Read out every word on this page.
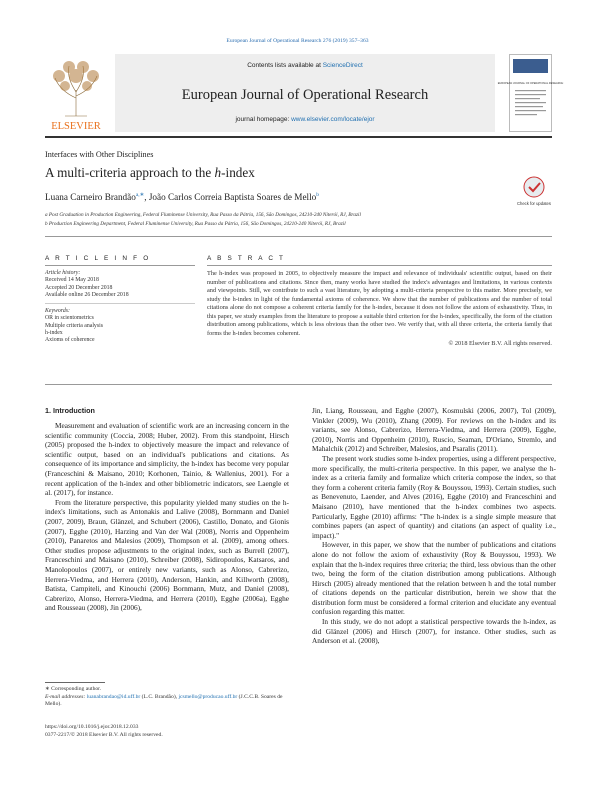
European Journal of Operational Research 276 (2019) 357–363
ELSEVIER
Contents lists available at ScienceDirect
European Journal of Operational Research
journal homepage: www.elsevier.com/locate/ejor
EUROPEAN JOURNAL OF OPERATIONAL RESEARCH
Interfaces with Other Disciplines
A multi-criteria approach to the h-index
Check for updates
Luana Carneiro Brandão$^{a,∗}$, João Carlos Correia Baptista Soares de Mello$^b$
a Post Graduation in Production Engineering, Federal Fluminense University, Rua Passo da Pátria, 156, São Domingos, 24210-240 Niterói, RJ, Brazil
b Production Engineering Department, Federal Fluminense University, Rua Passo da Pátria, 156, São Domingos, 24210-240 Niterói, RJ, Brazil
A R T I C L E I N F O	A B S T R A C T
Article history:
Received 14 May 2018
Accepted 20 December 2018
Available online 26 December 2018
Keywords:
OR in scientometrics
Multiple criteria analysis
h-index
Axioms of coherence

The h-index was proposed in 2005, to objectively measure the impact and relevance of individuals' scientific output, based on their number of publications and citations. Since then, many works have studied the index's advantages and limitations, in various contexts and viewpoints. Still, we contribute to such a vast literature, by adopting a multi-criteria perspective to this matter. More precisely, we study the h-index in light of the fundamental axioms of coherence. We show that the number of publications and the number of total citations alone do not compose a coherent criteria family for the h-index, because it does not follow the axiom of exhaustivity. Thus, in this paper, we study examples from the literature to propose a suitable third criterion for the h-index, specifically, the form of the citation distribution among publications, which is less obvious than the other two. We verify that, with all three criteria, the criteria family that forms the h-index becomes coherent.

© 2018 Elsevier B.V. All rights reserved.

1. Introduction

Measurement and evaluation of scientific work are an increasing concern in the scientific community (Coccia, 2008; Huber, 2002). From this standpoint, Hirsch (2005) proposed the h-index to objectively measure the impact and relevance of scientific output, based on an individual's publications and citations. As consequence of its importance and simplicity, the h-index has become very popular (Franceschini & Maisano, 2010; Korhonen, Tainio, & Wallenius, 2001). For a recent application of the h-index and other bibliometric indicators, see Laengle et al. (2017), for instance.

From the literature perspective, this popularity yielded many studies on the h-index's limitations, such as Antonakis and Lalive (2008), Bornmann and Daniel (2007, 2009), Braun, Glänzel, and Schubert (2006), Castillo, Donato, and Gionis (2007), Egghe (2010), Harzing and Van der Wal (2008), Norris and Oppenheim (2010), Panaretos and Malesios (2009), Thompson et al. (2009), among others. Other studies propose adjustments to the original index, such as Burrell (2007), Franceschini and Maisano (2010), Schreiber (2008), Sidiropoulos, Katsaros, and Manolopoulos (2007), or entirely new variants, such as Alonso, Cabrerizo, Herrera-Viedma, and Herrera (2010), Anderson, Hankin, and Killworth (2008), Batista, Campiteli, and Kinouchi (2006) Bornmann, Mutz, and Daniel (2008), Cabrerizo, Alonso, Herrera-Viedma, and Herrera (2010), Egghe (2006a), Egghe and Rousseau (2008), Jin (2006),

Jin, Liang, Rousseau, and Egghe (2007), Kosmulski (2006, 2007), Tol (2009), Vinkler (2009), Wu (2010), Zhang (2009). For reviews on the h-index and its variants, see Alonso, Cabrerizo, Herrera-Viedma, and Herrera (2009), Egghe, (2010), Norris and Oppenheim (2010), Ruscio, Seaman, D'Oriano, Stremlo, and Mahalchik (2012) and Schreiber, Malesios, and Psaralis (2011).

The present work studies some h-index properties, using a different perspective, more specifically, the multi-criteria perspective. In this paper, we analyse the h-index as a criteria family and formalize which criteria compose the index, so that they form a coherent criteria family (Roy & Bouyssou, 1993). Certain studies, such as Benevenuto, Laender, and Alves (2016), Egghe (2010) and Franceschini and Maisano (2010), have mentioned that the h-index combines two aspects. Particularly, Egghe (2010) affirms: "The h-index is a single simple measure that combines papers (an aspect of quantity) and citations (an aspect of quality i.e., impact)."

However, in this paper, we show that the number of publications and citations alone do not follow the axiom of exhaustivity (Roy & Bouyssou, 1993). We explain that the h-index requires three criteria; the third, less obvious than the other two, being the form of the citation distribution among publications. Although Hirsch (2005) already mentioned that the relation between h and the total number of citations depends on the particular distribution, herein we show that the distribution form must be considered a formal criterion and elucidate any eventual confusion regarding this matter.

In this study, we do not adopt a statistical perspective towards the h-index, as did Glänzel (2006) and Hirsch (2007), for instance. Other studies, such as Anderson et al. (2008),

∗ Corresponding author.
E-mail addresses: luanabrandao@id.uff.br (L.C. Brandão), jcsmello@producao.uff.br (J.C.C.B. Soares de Mello).
https://doi.org/10.1016/j.ejor.2018.12.033
0377-2217/© 2018 Elsevier B.V. All rights reserved.
